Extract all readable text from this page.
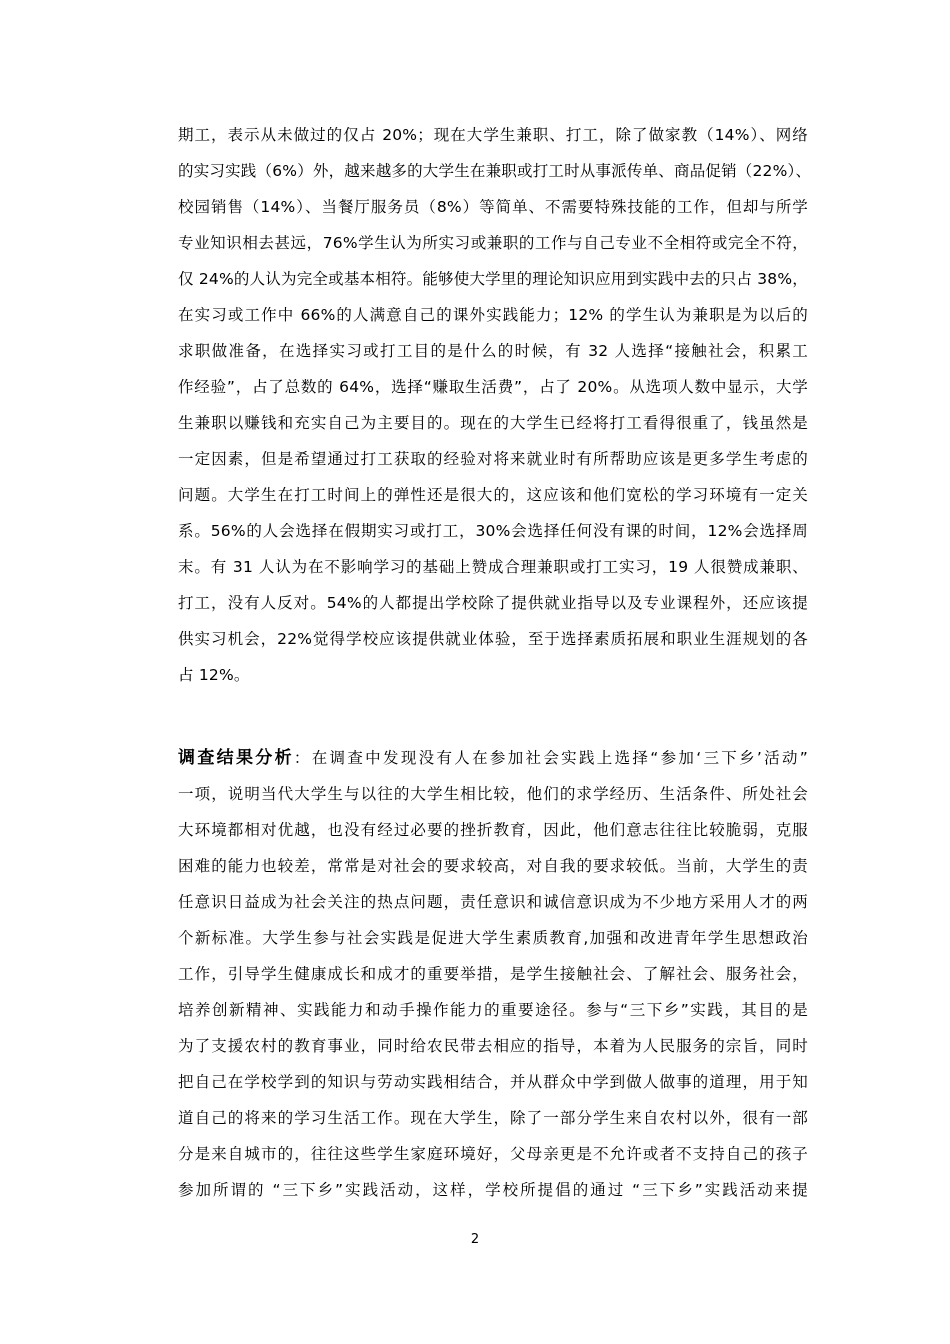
期工，表示从未做过的仅占 20%；现在大学生兼职、打工，除了做家教（14%）、网络
的实习实践（6%）外，越来越多的大学生在兼职或打工时从事派传单、商品促销（22%）、
校园销售（14%）、当餐厅服务员（8%）等简单、不需要特殊技能的工作，但却与所学
专业知识相去甚远，76%学生认为所实习或兼职的工作与自己专业不全相符或完全不符，
仅 24%的人认为完全或基本相符。能够使大学里的理论知识应用到实践中去的只占 38%，
在实习或工作中 66%的人满意自己的课外实践能力；12% 的学生认为兼职是为以后的
求职做准备，在选择实习或打工目的是什么的时候，有 32 人选择“接触社会，积累工
作经验”，占了总数的 64%，选择“赚取生活费”，占了 20%。从选项人数中显示，大学
生兼职以赚钱和充实自己为主要目的。现在的大学生已经将打工看得很重了，钱虽然是
一定因素，但是希望通过打工获取的经验对将来就业时有所帮助应该是更多学生考虑的
问题。大学生在打工时间上的弹性还是很大的，这应该和他们宽松的学习环境有一定关
系。56%的人会选择在假期实习或打工，30%会选择任何没有课的时间，12%会选择周
末。有 31 人认为在不影响学习的基础上赞成合理兼职或打工实习，19 人很赞成兼职、
打工，没有人反对。54%的人都提出学校除了提供就业指导以及专业课程外，还应该提
供实习机会，22%觉得学校应该提供就业体验，至于选择素质拓展和职业生涯规划的各
占 12%。
调查结果分析：在调查中发现没有人在参加社会实践上选择“参加‘三下乡’活动”
一项，说明当代大学生与以往的大学生相比较，他们的求学经历、生活条件、所处社会
大环境都相对优越，也没有经过必要的挫折教育，因此，他们意志往往比较脆弱，克服
困难的能力也较差，常常是对社会的要求较高，对自我的要求较低。当前，大学生的责
任意识日益成为社会关注的热点问题，责任意识和诚信意识成为不少地方采用人才的两
个新标准。大学生参与社会实践是促进大学生素质教育,加强和改进青年学生思想政治
工作，引导学生健康成长和成才的重要举措，是学生接触社会、了解社会、服务社会，
培养创新精神、实践能力和动手操作能力的重要途径。参与“三下乡”实践，其目的是
为了支援农村的教育事业，同时给农民带去相应的指导，本着为人民服务的宗旨，同时
把自己在学校学到的知识与劳动实践相结合，并从群众中学到做人做事的道理，用于知
道自己的将来的学习生活工作。现在大学生，除了一部分学生来自农村以外，很有一部
分是来自城市的，往往这些学生家庭环境好，父母亲更是不允许或者不支持自己的孩子
参加所谓的 “三下乡”实践活动，这样，学校所提倡的通过 “三下乡”实践活动来提
2
